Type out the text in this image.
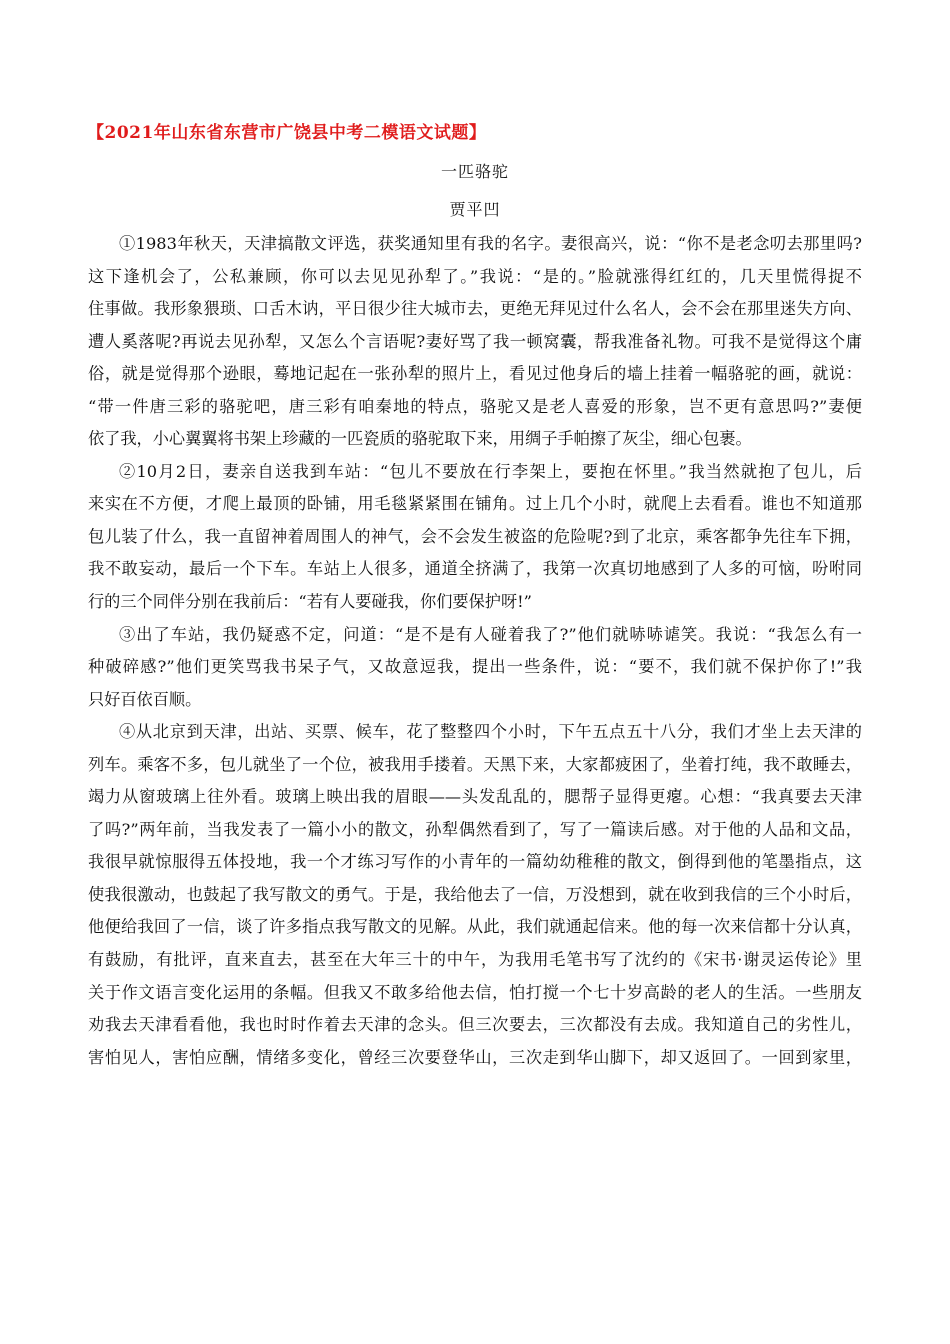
【2021年山东省东营市广饶县中考二模语文试题】
一匹骆驼
贾平凹
①1983年秋天，天津搞散文评选，获奖通知里有我的名字。妻很高兴，说：“你不是老念叨去那里吗?
这下逢机会了，公私兼顾，你可以去见见孙犁了。”我说：“是的。”脸就涨得红红的，几天里慌得捉不
住事做。我形象猥琐、口舌木讷，平日很少往大城市去，更绝无拜见过什么名人，会不会在那里迷失方向、
遭人奚落呢?再说去见孙犁，又怎么个言语呢?妻好骂了我一顿窝囊，帮我准备礼物。可我不是觉得这个庸
俗，就是觉得那个逊眼，蓦地记起在一张孙犁的照片上，看见过他身后的墙上挂着一幅骆驼的画，就说：
“带一件唐三彩的骆驼吧，唐三彩有咱秦地的特点，骆驼又是老人喜爱的形象，岂不更有意思吗?”妻便
依了我，小心翼翼将书架上珍藏的一匹瓷质的骆驼取下来，用绸子手帕擦了灰尘，细心包裹。
②10月2日，妻亲自送我到车站：“包儿不要放在行李架上，要抱在怀里。”我当然就抱了包儿，后
来实在不方便，才爬上最顶的卧铺，用毛毯紧紧围在铺角。过上几个小时，就爬上去看看。谁也不知道那
包儿装了什么，我一直留神着周围人的神气，会不会发生被盗的危险呢?到了北京，乘客都争先往车下拥，
我不敢妄动，最后一个下车。车站上人很多，通道全挤满了，我第一次真切地感到了人多的可恼，吩咐同
行的三个同伴分别在我前后：“若有人要碰我，你们要保护呀!”
③出了车站，我仍疑惑不定，问道：“是不是有人碰着我了?”他们就哧哧谑笑。我说：“我怎么有一
种破碎感?”他们更笑骂我书呆子气，又故意逗我，提出一些条件，说：“要不，我们就不保护你了!”我
只好百依百顺。
④从北京到天津，出站、买票、候车，花了整整四个小时，下午五点五十八分，我们才坐上去天津的
列车。乘客不多，包儿就坐了一个位，被我用手搂着。天黑下来，大家都疲困了，坐着打纯，我不敢睡去，
竭力从窗玻璃上往外看。玻璃上映出我的眉眼——头发乱乱的，腮帮子显得更瘪。心想：“我真要去天津
了吗?”两年前，当我发表了一篇小小的散文，孙犁偶然看到了，写了一篇读后感。对于他的人品和文品，
我很早就惊服得五体投地，我一个才练习写作的小青年的一篇幼幼稚稚的散文，倒得到他的笔墨指点，这
使我很激动，也鼓起了我写散文的勇气。于是，我给他去了一信，万没想到，就在收到我信的三个小时后，
他便给我回了一信，谈了许多指点我写散文的见解。从此，我们就通起信来。他的每一次来信都十分认真，
有鼓励，有批评，直来直去，甚至在大年三十的中午，为我用毛笔书写了沈约的《宋书·谢灵运传论》里
关于作文语言变化运用的条幅。但我又不敢多给他去信，怕打搅一个七十岁高龄的老人的生活。一些朋友
劝我去天津看看他，我也时时作着去天津的念头。但三次要去，三次都没有去成。我知道自己的劣性儿，
害怕见人，害怕应酬，情绪多变化，曾经三次要登华山，三次走到华山脚下，却又返回了。一回到家里，
